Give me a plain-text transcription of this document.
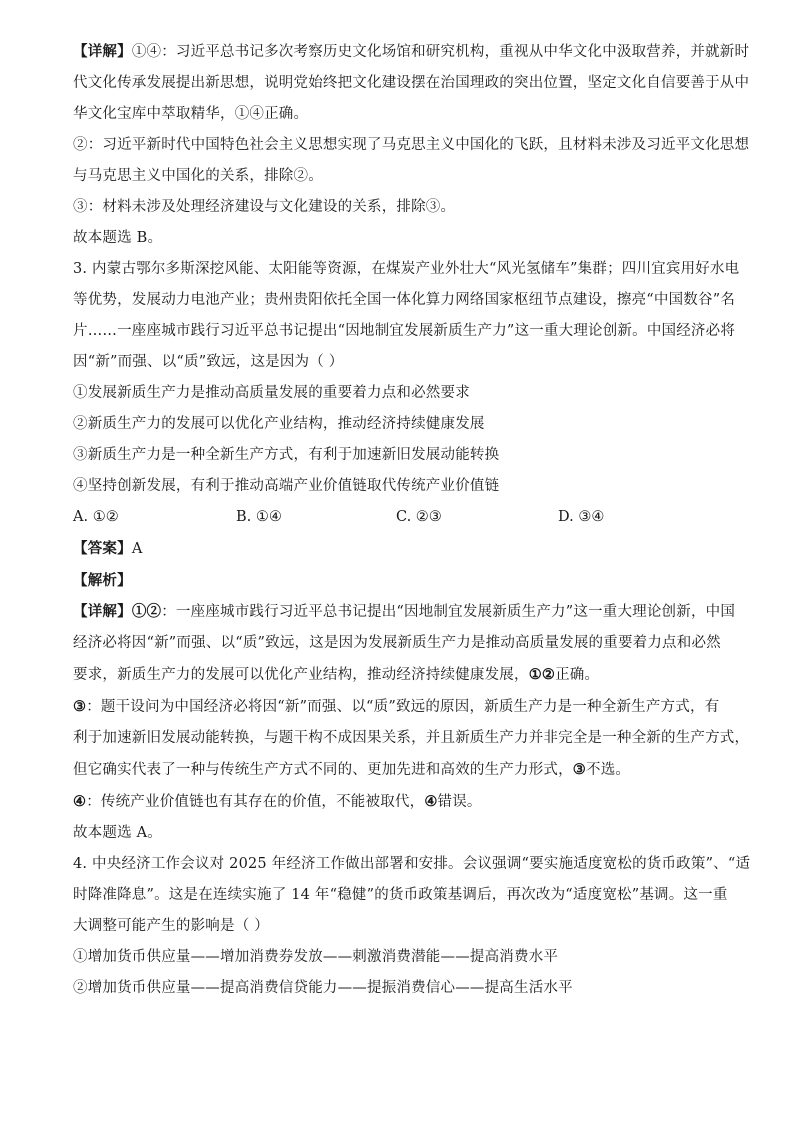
【详解】①④：习近平总书记多次考察历史文化场馆和研究机构，重视从中华文化中汲取营养，并就新时

代文化传承发展提出新思想，说明党始终把文化建设摆在治国理政的突出位置，坚定文化自信要善于从中

华文化宝库中萃取精华，①④正确。

②：习近平新时代中国特色社会主义思想实现了马克思主义中国化的飞跃，且材料未涉及习近平文化思想

与马克思主义中国化的关系，排除②。

③：材料未涉及处理经济建设与文化建设的关系，排除③。

故本题选 B。

3. 内蒙古鄂尔多斯深挖风能、太阳能等资源，在煤炭产业外壮大“风光氢储车”集群；四川宜宾用好水电

等优势，发展动力电池产业；贵州贵阳依托全国一体化算力网络国家枢纽节点建设，擦亮“中国数谷”名

片……一座座城市践行习近平总书记提出“因地制宜发展新质生产力”这一重大理论创新。中国经济必将

因“新”而强、以“质”致远，这是因为（ ）

①发展新质生产力是推动高质量发展的重要着力点和必然要求

②新质生产力的发展可以优化产业结构，推动经济持续健康发展

③新质生产力是一种全新生产方式，有利于加速新旧发展动能转换

④坚持创新发展，有利于推动高端产业价值链取代传统产业价值链

A. ①②	B. ①④	C. ②③	D. ③④

【答案】A

【解析】

【详解】①②：一座座城市践行习近平总书记提出“因地制宜发展新质生产力”这一重大理论创新，中国

经济必将因“新”而强、以“质”致远，这是因为发展新质生产力是推动高质量发展的重要着力点和必然

要求，新质生产力的发展可以优化产业结构，推动经济持续健康发展，①②正确。

③：题干设问为中国经济必将因“新”而强、以“质”致远的原因，新质生产力是一种全新生产方式，有

利于加速新旧发展动能转换，与题干构不成因果关系，并且新质生产力并非完全是一种全新的生产方式，

但它确实代表了一种与传统生产方式不同的、更加先进和高效的生产力形式，③不选。

④：传统产业价值链也有其存在的价值，不能被取代，④错误。

故本题选 A。

4. 中央经济工作会议对 2025 年经济工作做出部署和安排。会议强调“要实施适度宽松的货币政策”、“适

时降准降息”。这是在连续实施了 14 年“稳健”的货币政策基调后，再次改为“适度宽松”基调。这一重

大调整可能产生的影响是（ ）

①增加货币供应量——增加消费券发放——刺激消费潜能——提高消费水平

②增加货币供应量——提高消费信贷能力——提振消费信心——提高生活水平
